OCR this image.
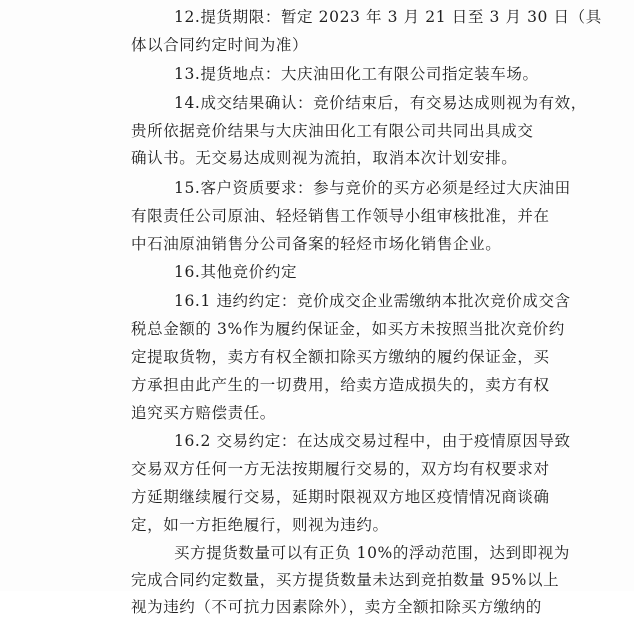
12.提货期限：暂定 2023 年 3 月 21 日至 3 月 30 日（具
体以合同约定时间为准）
13.提货地点：大庆油田化工有限公司指定装车场。
14.成交结果确认：竞价结束后，有交易达成则视为有效，
贵所依据竞价结果与大庆油田化工有限公司共同出具成交
确认书。无交易达成则视为流拍，取消本次计划安排。
15.客户资质要求：参与竞价的买方必须是经过大庆油田
有限责任公司原油、轻烃销售工作领导小组审核批准，并在
中石油原油销售分公司备案的轻烃市场化销售企业。
16.其他竞价约定
16.1 违约约定：竞价成交企业需缴纳本批次竞价成交含
税总金额的 3%作为履约保证金，如买方未按照当批次竞价约
定提取货物，卖方有权全额扣除买方缴纳的履约保证金，买
方承担由此产生的一切费用，给卖方造成损失的，卖方有权
追究买方赔偿责任。
16.2 交易约定：在达成交易过程中，由于疫情原因导致
交易双方任何一方无法按期履行交易的，双方均有权要求对
方延期继续履行交易，延期时限视双方地区疫情情况商谈确
定，如一方拒绝履行，则视为违约。
买方提货数量可以有正负 10%的浮动范围，达到即视为
完成合同约定数量，买方提货数量未达到竞拍数量 95%以上
视为违约（不可抗力因素除外），卖方全额扣除买方缴纳的
